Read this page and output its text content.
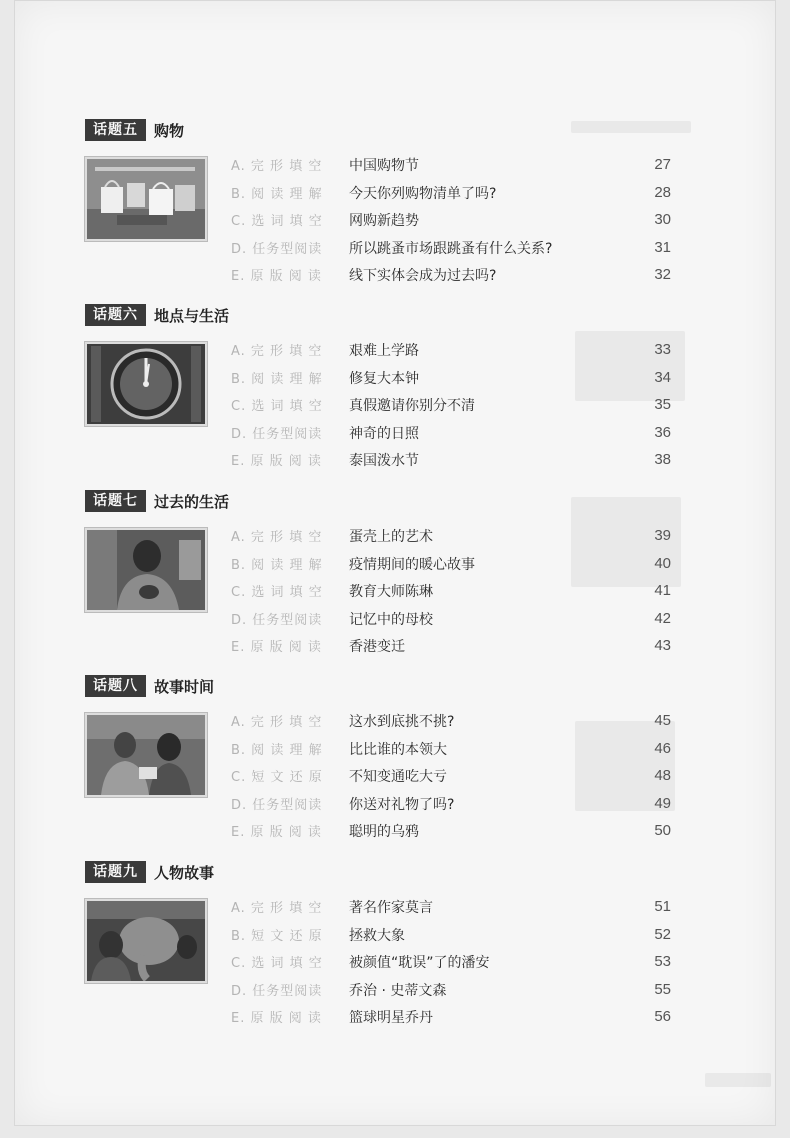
话题五	购物
A. 完 形 填 空 中国购物节	27
B. 阅 读 理 解 今天你列购物清单了吗?	28
C. 选 词 填 空 网购新趋势	30
D. 任务型阅读 所以跳蚤市场跟跳蚤有什么关系?	31
E. 原 版 阅 读 线下实体会成为过去吗?	32
话题六	地点与生活
A. 完 形 填 空 艰难上学路	33
B. 阅 读 理 解 修复大本钟	34
C. 选 词 填 空 真假邀请你别分不清	35
D. 任务型阅读 神奇的日照	36
E. 原 版 阅 读 泰国泼水节	38
话题七	过去的生活
A. 完 形 填 空 蛋壳上的艺术	39
B. 阅 读 理 解 疫情期间的暖心故事	40
C. 选 词 填 空 教育大师陈琳	41
D. 任务型阅读 记忆中的母校	42
E. 原 版 阅 读 香港变迁	43
话题八	故事时间
A. 完 形 填 空 这水到底挑不挑?	45
B. 阅 读 理 解 比比谁的本领大	46
C. 短 文 还 原 不知变通吃大亏	48
D. 任务型阅读 你送对礼物了吗?	49
E. 原 版 阅 读 聪明的乌鸦	50
话题九	人物故事
A. 完 形 填 空 著名作家莫言	51
B. 短 文 还 原 拯救大象	52
C. 选 词 填 空 被颜值“耽误”了的潘安	53
D. 任务型阅读 乔治 · 史蒂文森	55
E. 原 版 阅 读 篮球明星乔丹	56
